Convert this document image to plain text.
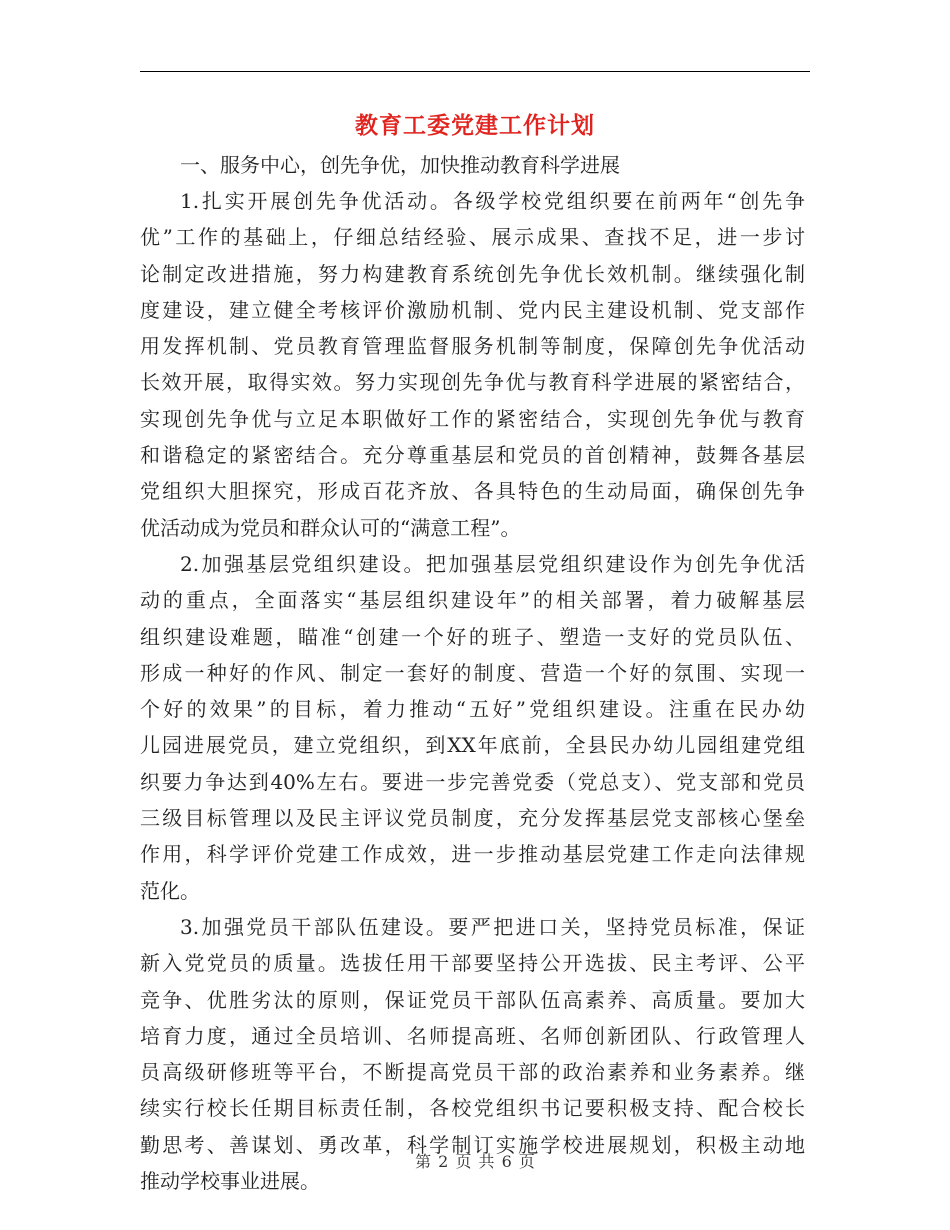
教育工委党建工作计划

一、服务中心，创先争优，加快推动教育科学进展

1.扎实开展创先争优活动。各级学校党组织要在前两年“创先争
优”工作的基础上，仔细总结经验、展示成果、查找不足，进一步讨
论制定改进措施，努力构建教育系统创先争优长效机制。继续强化制
度建设，建立健全考核评价激励机制、党内民主建设机制、党支部作
用发挥机制、党员教育管理监督服务机制等制度，保障创先争优活动
长效开展，取得实效。努力实现创先争优与教育科学进展的紧密结合，
实现创先争优与立足本职做好工作的紧密结合，实现创先争优与教育
和谐稳定的紧密结合。充分尊重基层和党员的首创精神，鼓舞各基层
党组织大胆探究，形成百花齐放、各具特色的生动局面，确保创先争
优活动成为党员和群众认可的“满意工程”。
2.加强基层党组织建设。把加强基层党组织建设作为创先争优活
动的重点，全面落实“基层组织建设年”的相关部署，着力破解基层
组织建设难题，瞄准“创建一个好的班子、塑造一支好的党员队伍、
形成一种好的作风、制定一套好的制度、营造一个好的氛围、实现一
个好的效果”的目标，着力推动“五好”党组织建设。注重在民办幼
儿园进展党员，建立党组织，到XX年底前，全县民办幼儿园组建党组
织要力争达到40%左右。要进一步完善党委（党总支）、党支部和党员
三级目标管理以及民主评议党员制度，充分发挥基层党支部核心堡垒
作用，科学评价党建工作成效，进一步推动基层党建工作走向法律规
范化。
3.加强党员干部队伍建设。要严把进口关，坚持党员标准，保证
新入党党员的质量。选拔任用干部要坚持公开选拔、民主考评、公平
竞争、优胜劣汰的原则，保证党员干部队伍高素养、高质量。要加大
培育力度，通过全员培训、名师提高班、名师创新团队、行政管理人
员高级研修班等平台，不断提高党员干部的政治素养和业务素养。继
续实行校长任期目标责任制，各校党组织书记要积极支持、配合校长
勤思考、善谋划、勇改革，科学制订实施学校进展规划，积极主动地
推动学校事业进展。

第 2 页 共 6 页
